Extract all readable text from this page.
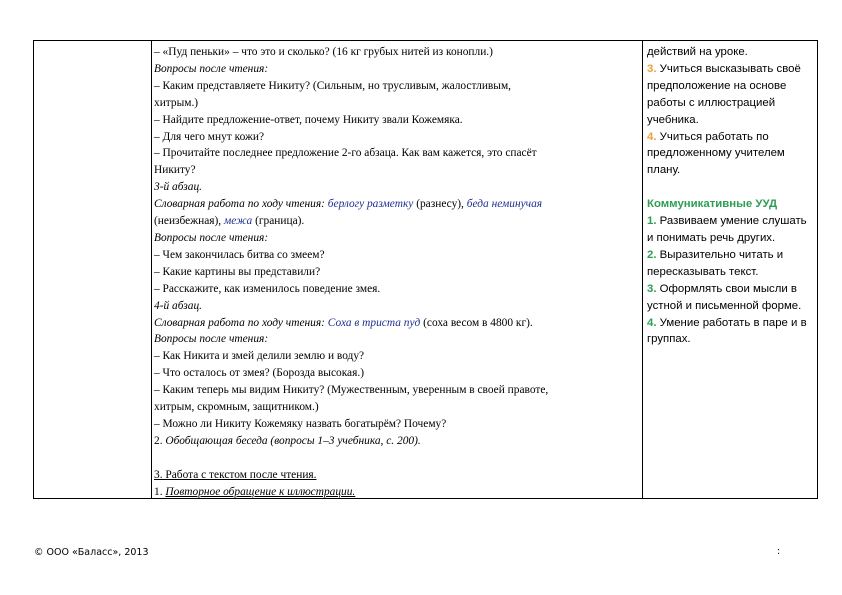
– «Пуд пеньки» – что это и сколько? (16 кг грубых нитей из конопли.)

Вопросы после чтения:

– Каким представляете Никиту? (Сильным, но трусливым, жалостливым,

хитрым.)

– Найдите предложение-ответ, почему Никиту звали Кожемяка.

– Для чего мнут кожи?

– Прочитайте последнее предложение 2-го абзаца. Как вам кажется, это спасёт

Никиту?

3-й абзац.

Словарная работа по ходу чтения: берлогу разметку (разнесу), беда неминучая

(неизбежная), межа (граница).

Вопросы после чтения:

– Чем закончилась битва со змеем?

– Какие картины вы представили?

– Расскажите, как изменилось поведение змея.

4-й абзац.

Словарная работа по ходу чтения: Соха в триста пуд (соха весом в 4800 кг).

Вопросы после чтения:

– Как Никита и змей делили землю и воду?

– Что осталось от змея? (Борозда высокая.)

– Каким теперь мы видим Никиту? (Мужественным, уверенным в своей правоте,

хитрым, скромным, защитником.)

– Можно ли Никиту Кожемяку назвать богатырём? Почему?

2. Обобщающая беседа (вопросы 1–3 учебника, с. 200).

3. Работа с текстом после чтения.

1. Повторное обращение к иллюстрации.

действий на уроке.

3. Учиться высказывать своё предположение на основе работы с иллюстрацией учебника.

4. Учиться работать по предложенному учителем плану.

Коммуникативные УУД

1. Развиваем умение слушать и понимать речь других.

2. Выразительно читать и пересказывать текст.

3. Оформлять свои мысли в устной и письменной форме.

4. Умение работать в паре и в группах.

© ООО «Баласс», 2013	:
